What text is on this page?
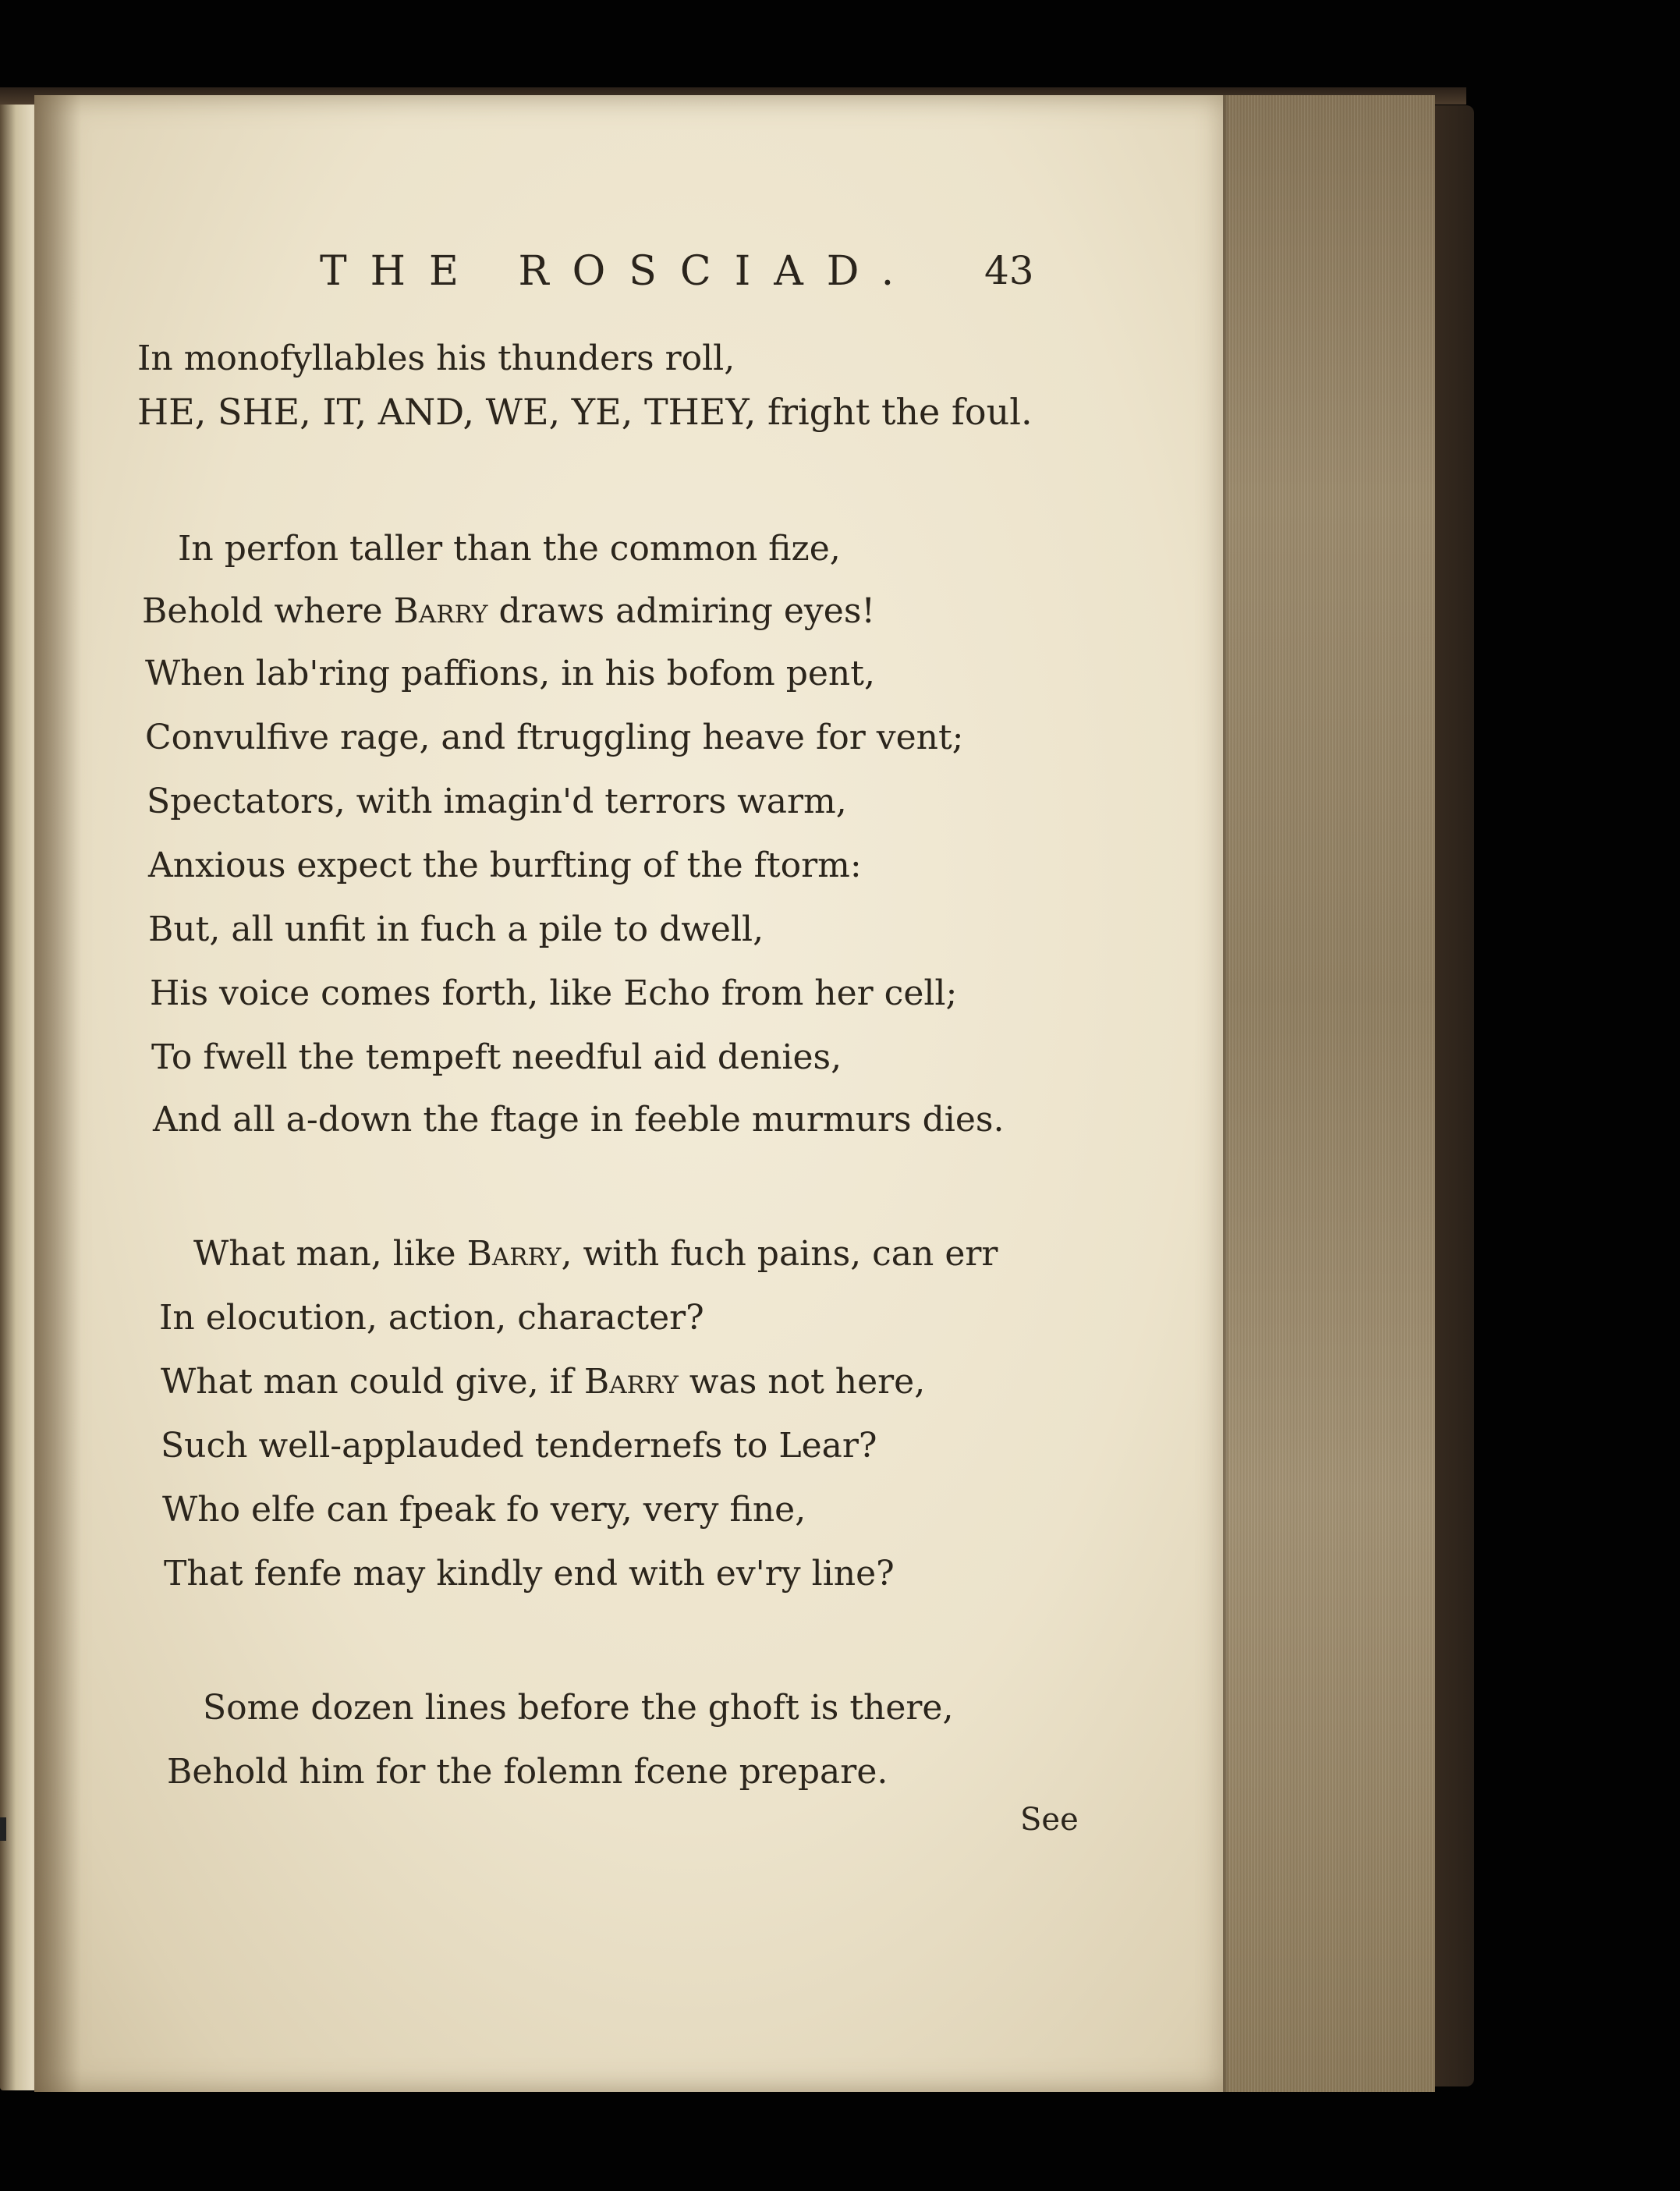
THE ROSCIAD. 43
In monofyllables his thunders roll,
HE, SHE, IT, AND, WE, YE, THEY, fright the foul.
In perfon taller than the common fize,
Behold where Barry draws admiring eyes!
When lab'ring paffions, in his bofom pent,
Convulfive rage, and ftruggling heave for vent;
Spectators, with imagin'd terrors warm,
Anxious expect the burfting of the ftorm:
But, all unfit in fuch a pile to dwell,
His voice comes forth, like Echo from her cell;
To fwell the tempeft needful aid denies,
And all a-down the ftage in feeble murmurs dies.
What man, like Barry, with fuch pains, can err
In elocution, action, character?
What man could give, if Barry was not here,
Such well-applauded tendernefs to Lear?
Who elfe can fpeak fo very, very fine,
That fenfe may kindly end with ev'ry line?
Some dozen lines before the ghoft is there,
Behold him for the folemn fcene prepare.
See
